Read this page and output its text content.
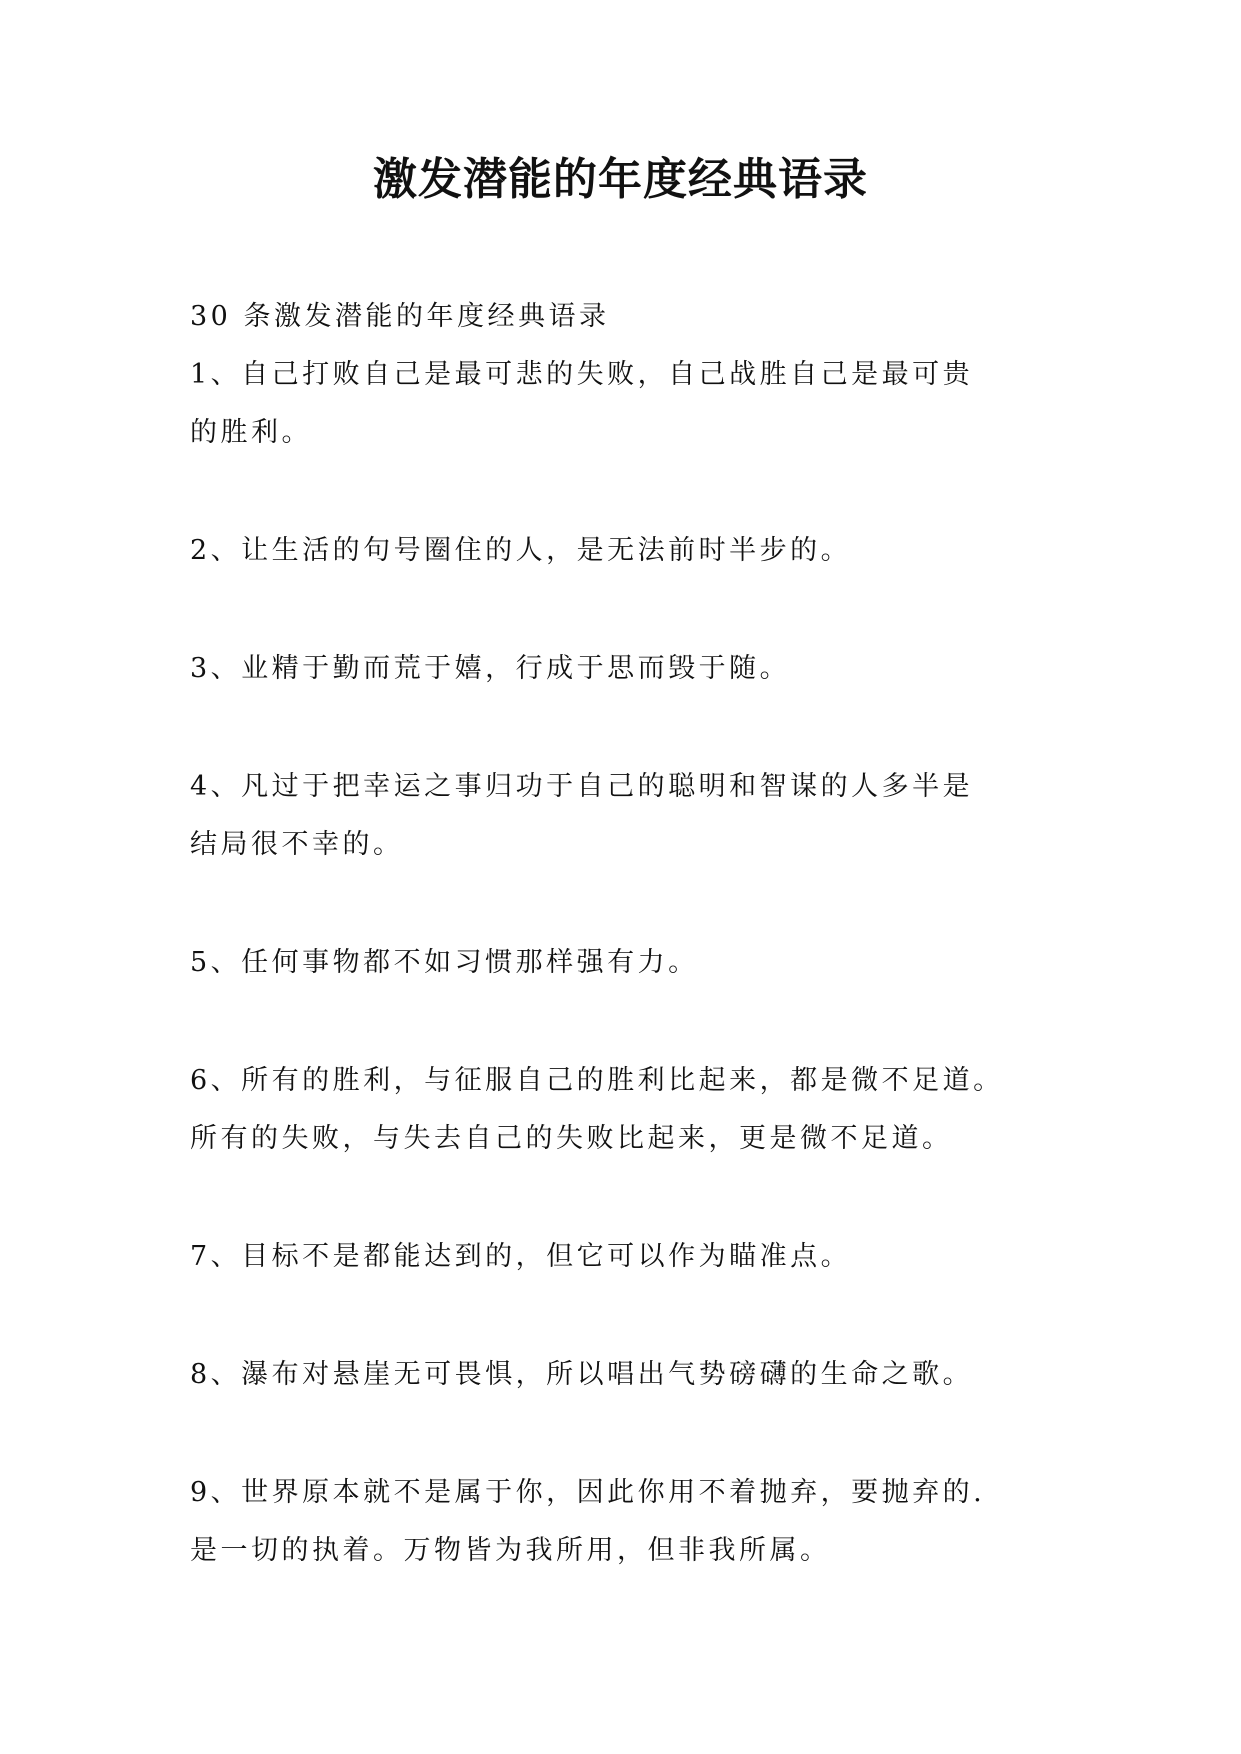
激发潜能的年度经典语录

30 条激发潜能的年度经典语录

1、自己打败自己是最可悲的失败，自己战胜自己是最可贵
的胜利。

2、让生活的句号圈住的人，是无法前时半步的。

3、业精于勤而荒于嬉，行成于思而毁于随。

4、凡过于把幸运之事归功于自己的聪明和智谋的人多半是
结局很不幸的。

5、任何事物都不如习惯那样强有力。

6、所有的胜利，与征服自己的胜利比起来，都是微不足道。
所有的失败，与失去自己的失败比起来，更是微不足道。

7、目标不是都能达到的，但它可以作为瞄准点。

8、瀑布对悬崖无可畏惧，所以唱出气势磅礴的生命之歌。

9、世界原本就不是属于你，因此你用不着抛弃，要抛弃的.
是一切的执着。万物皆为我所用，但非我所属。
